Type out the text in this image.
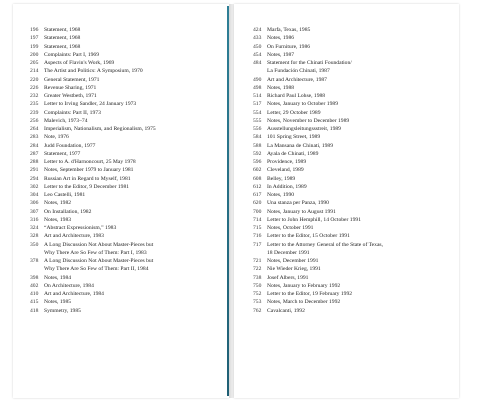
196	Statement, 1968
197	Statement, 1968
199	Statement, 1968
200	Complaints: Part I, 1969
205	Aspects of Flavin's Work, 1969
214	The Artist and Politics: A Symposium, 1970
220	General Statement, 1971
226	Revenue Sharing, 1971
232	Greater Westbeth, 1971
235	Letter to Irving Sandler, 24 January 1973
239	Complaints: Part II, 1973
256	Malevich, 1973–74
264	Imperialism, Nationalism, and Regionalism, 1975
283	Note, 1976
284	Judd Foundation, 1977
287	Statement, 1977
288	Letter to A. d'Harnoncourt, 25 May 1978
291	Notes, September 1979 to January 1981
294	Russian Art in Regard to Myself, 1981
302	Letter to the Editor, 9 December 1981
304	Leo Castelli, 1981
306	Notes, 1982
307	On Installation, 1982
316	Notes, 1983
324	“Abstract Expressionism,” 1983
328	Art and Architecture, 1983
350	A Long Discussion Not About Master-Pieces but
Why There Are So Few of Them: Part I, 1983
378	A Long Discussion Not About Master-Pieces but
Why There Are So Few of Them: Part II, 1984
398	Notes, 1984
402	On Architecture, 1984
410	Art and Architecture, 1984
415	Notes, 1985
418	Symmetry, 1985
424	Marfa, Texas, 1985
433	Notes, 1986
450	On Furniture, 1986
454	Notes, 1987
484	Statement for the Chinati Foundation/
La Fundación Chinati, 1987
490	Art and Architecture, 1987
498	Notes, 1988
514	Richard Paul Lohse, 1988
517	Notes, January to October 1989
554	Letter, 29 October 1989
555	Notes, November to December 1989
556	Ausstellungsleitungssstreit, 1989
584	101 Spring Street, 1989
588	La Mansana de Chinati, 1989
592	Ayala de Chinati, 1989
596	Providence, 1989
602	Cleveland, 1989
608	Belley, 1989
612	In Addition, 1989
617	Notes, 1990
620	Una stanza per Panza, 1990
700	Notes, January to August 1991
714	Letter to John Hemphill, 14 October 1991
715	Notes, October 1991
716	Letter to the Editor, 15 October 1991
717	Letter to the Attorney General of the State of Texas,
18 December 1991
721	Notes, December 1991
722	Nie Wieder Krieg, 1991
738	Josef Albers, 1991
750	Notes, January to February 1992
752	Letter to the Editor, 19 February 1992
753	Notes, March to December 1992
762	Cavalcanti, 1992
